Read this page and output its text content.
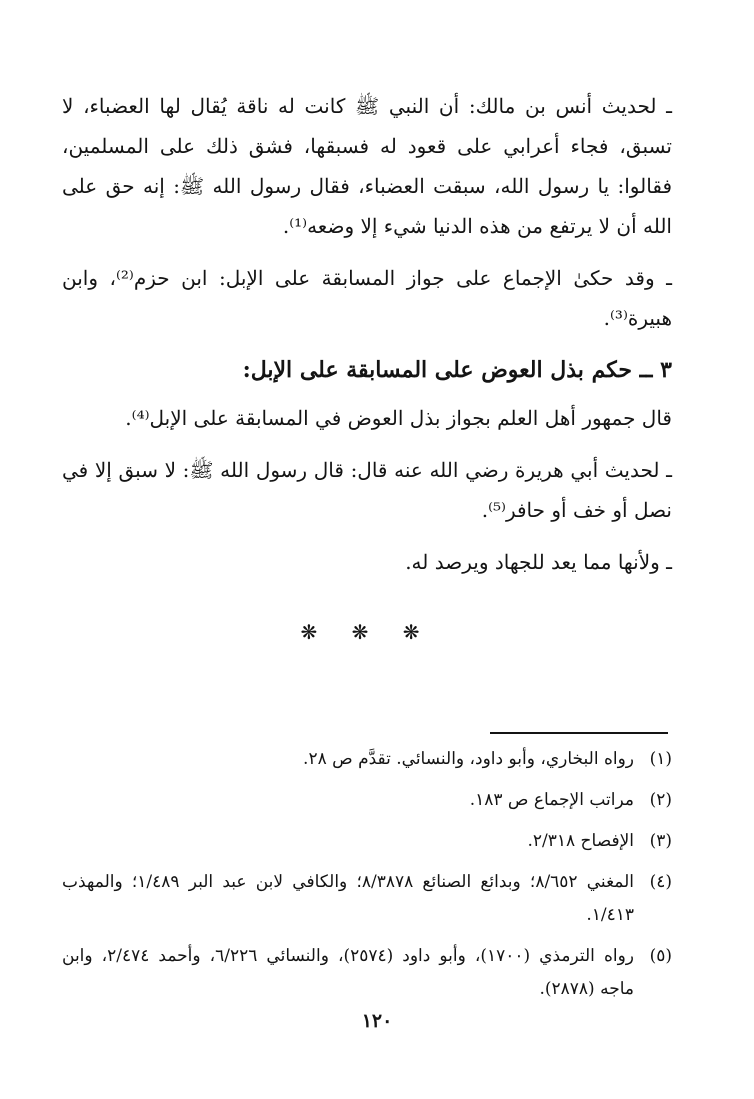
ـ لحديث أنس بن مالك: أن النبي ﷺ كانت له ناقة يُقال لها العضباء، لا تسبق، فجاء أعرابي على قعود له فسبقها، فشق ذلك على المسلمين، فقالوا: يا رسول الله، سبقت العضباء، فقال رسول الله ﷺ: إنه حق على الله أن لا يرتفع من هذه الدنيا شيء إلا وضعه⁽¹⁾.

ـ وقد حكىٰ الإجماع على جواز المسابقة على الإبل: ابن حزم⁽²⁾، وابن هبيرة⁽³⁾.

٣ ــ حكم بذل العوض على المسابقة على الإبل:

قال جمهور أهل العلم بجواز بذل العوض في المسابقة على الإبل⁽⁴⁾.

ـ لحديث أبي هريرة رضي الله عنه قال: قال رسول الله ﷺ: لا سبق إلا في نصل أو خف أو حافر⁽⁵⁾.

ـ ولأنها مما يعد للجهاد ويرصد له.

❋ ❋ ❋
(١)
رواه البخاري، وأبو داود، والنسائي. تقدَّم ص ٢٨.
(٢)
مراتب الإجماع ص ١٨٣.
(٣)
الإفصاح ٢/٣١٨.
(٤)
المغني ٨/٦٥٢؛ وبدائع الصنائع ٨/٣٨٧٨؛ والكافي لابن عبد البر ١/٤٨٩؛ والمهذب ١/٤١٣.
(٥)
رواه الترمذي (١٧٠٠)، وأبو داود (٢٥٧٤)، والنسائي ٦/٢٢٦، وأحمد ٢/٤٧٤، وابن ماجه (٢٨٧٨).
١٢٠
